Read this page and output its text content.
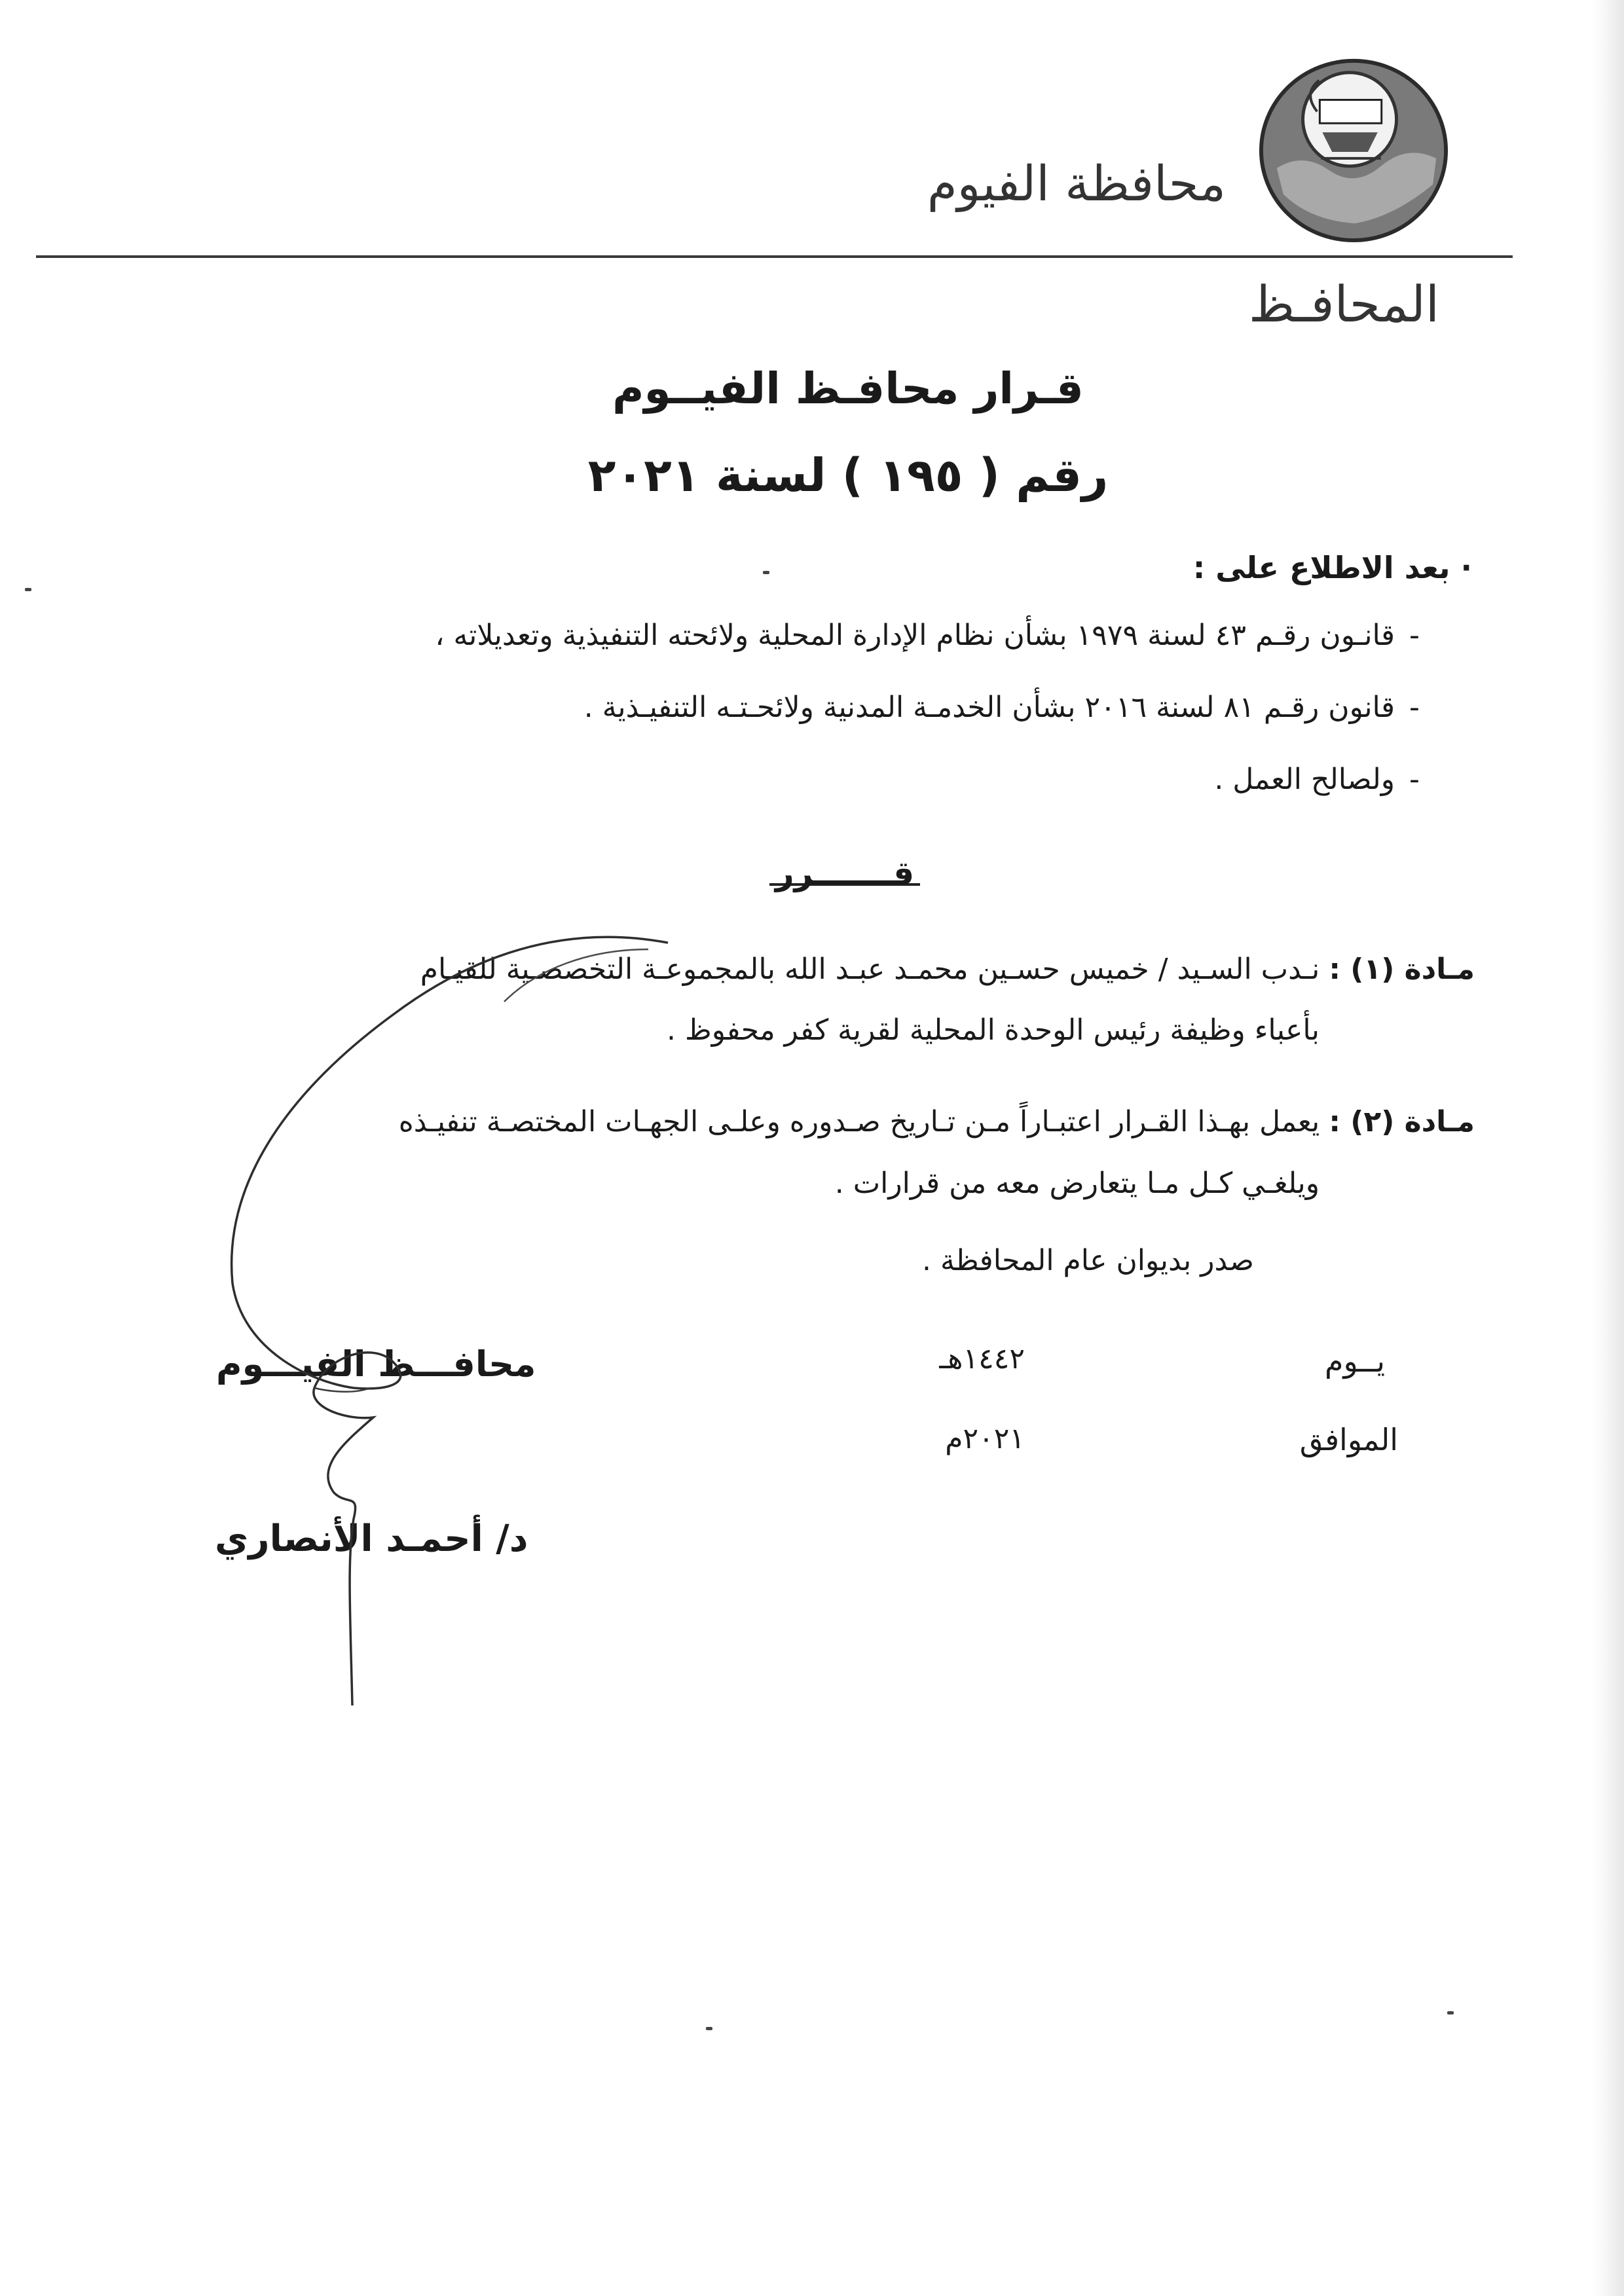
محافظة الفيوم
المحافـظ
قـرار محافـظ الفيــوم
رقم ( ١٩٥ ) لسنة ٢٠٢١
· بعد الاطلاع على :
-قانـون رقـم ٤٣ لسنة ١٩٧٩ بشأن نظام الإدارة المحلية ولائحته التنفيذية وتعديلاته ،
-قانون رقـم ٨١ لسنة ٢٠١٦ بشأن الخدمـة المدنية ولائحـتـه التنفيـذية .
-ولصالح العمل .
قـــــــرر
مـادة (١) : نـدب السـيد / خميس حسـين محمـد عبـد الله بالمجموعـة التخصصـية للقيـام
بأعباء وظيفة رئيس الوحدة المحلية لقرية كفر محفوظ .
مـادة (٢) : يعمل بهـذا القـرار اعتبـاراً مـن تـاريخ صـدوره وعلـى الجهـات المختصـة تنفيـذه
ويلغـي كـل مـا يتعارض معه من قرارات .
صدر بديوان عام المحافظة .
يــوم
١٤٤٢هـ
الموافق
٢٠٢١م
محافـــظ الفيـــوم
د/ أحمـد الأنصاري
